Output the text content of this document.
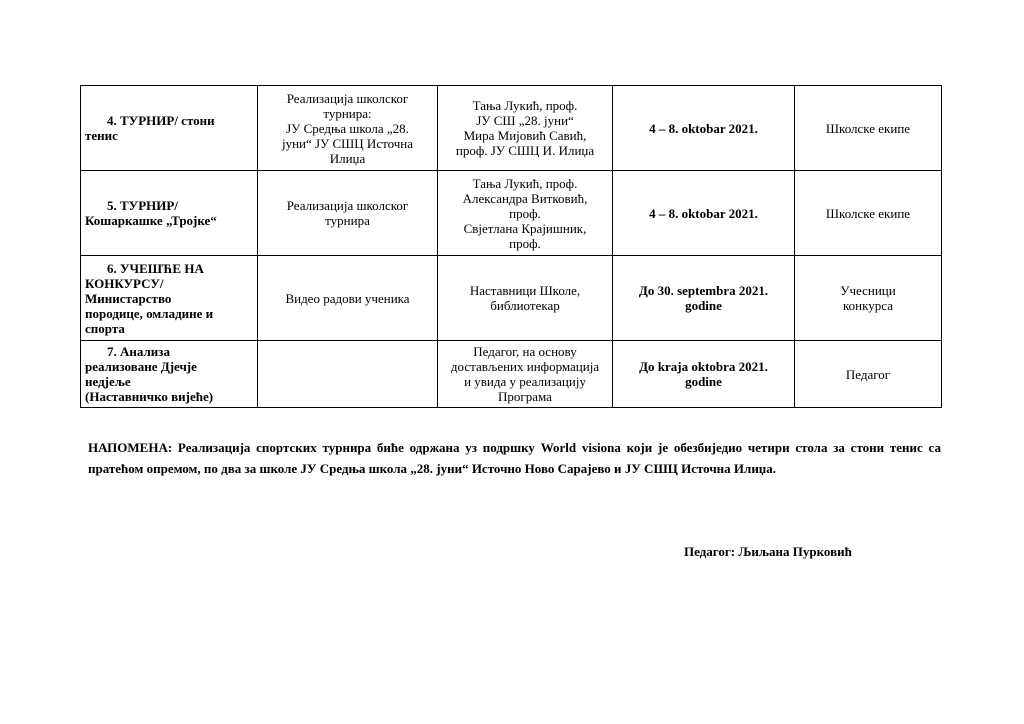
4. ТУРНИР/ стони
тенис	Реализација школског
турнира:
ЈУ Средња школа „28.
јуни“ ЈУ СШЦ Источна
Илиџа	Тања Лукић, проф.
ЈУ СШ „28. јуни“
Мира Мијовић Савић,
проф. ЈУ СШЦ И. Илиџа	4 – 8. oktobar 2021.	Школске екипе

5. ТУРНИР/
Кошаркашке „Тројке“	Реализација школског
турнира	Тања Лукић, проф.
Александра Витковић,
проф.
Свјетлана Крајишник,
проф.	4 – 8. oktobar 2021.	Школске екипе

6. УЧЕШЋЕ НА
КОНКУРСУ/
Министарство
породице, омладине и
спорта	Видео радови ученика	Наставници Школе,
библиотекар	До 30. septembra 2021.
godine	Учесници
конкурса

7. Анализа
реализоване Дјечје
недјеље
(Наставничко вијеће)		Педагог, на основу
достављених информација
и увида у реализацију
Програма	До kraja oktobra 2021.
godine	Педагог

НАПОМЕНА: Реализација спортских турнира биће одржана уз подршку World visiona који је обезбиједио четири стола за стони тенис са пратећом опремом, по два за школе ЈУ Средња школа „28. јуни“ Источно Ново Сарајево и ЈУ СШЦ Источна Илиџа.

Педагог: Љиљана Пурковић
